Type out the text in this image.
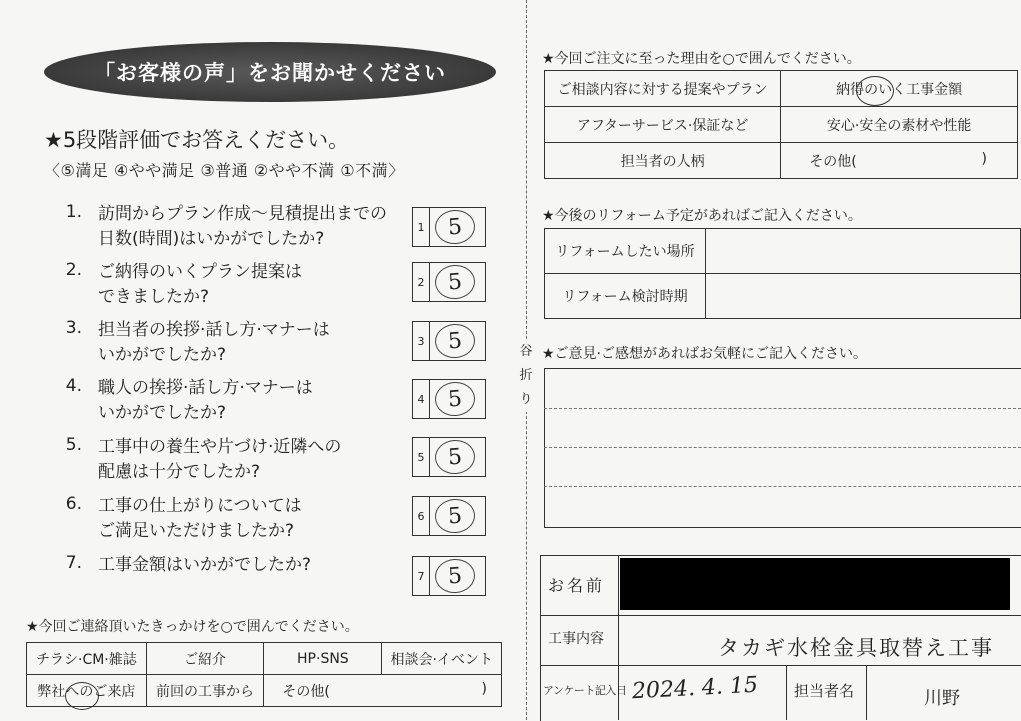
「お客様の声」をお聞かせください
★5段階評価でお答えください。
〈⑤満足 ④やや満足 ③普通 ②やや不満 ①不満〉
1. 訪問からプラン作成～見積提出までの
日数(時間)はいかがでしたか?
1	5
2. ご納得のいくプラン提案は
できましたか?
2	5
3. 担当者の挨拶·話し方·マナーは
いかがでしたか?
3	5
4. 職人の挨拶·話し方·マナーは
いかがでしたか?
4	5
5. 工事中の養生や片づけ·近隣への
配慮は十分でしたか?
5	5
6. 工事の仕上がりについては
ご満足いただけましたか?
6	5
7. 工事金額はいかがでしたか?
7	5
★今回ご連絡頂いたきっかけを○で囲んでください。
チラシ·CM·雑誌	ご紹介	HP·SNS	相談会·イベント
弊社へのご来店	前回の工事から	その他( )	
谷
折
り
★今回ご注文に至った理由を○で囲んでください。
ご相談内容に対する提案やプラン	納得のいく工事金額
アフターサービス·保証など	安心·安全の素材や性能
担当者の人柄	その他( )
★今後のリフォーム予定があればご記入ください。
リフォームしたい場所	
リフォーム検討時期	
★ご意見·ご感想があればお気軽にご記入ください。
お名前
工事内容	タカギ水栓金具取替え工事
アンケート記入日 2024. 4. 15 担当者名	川野
